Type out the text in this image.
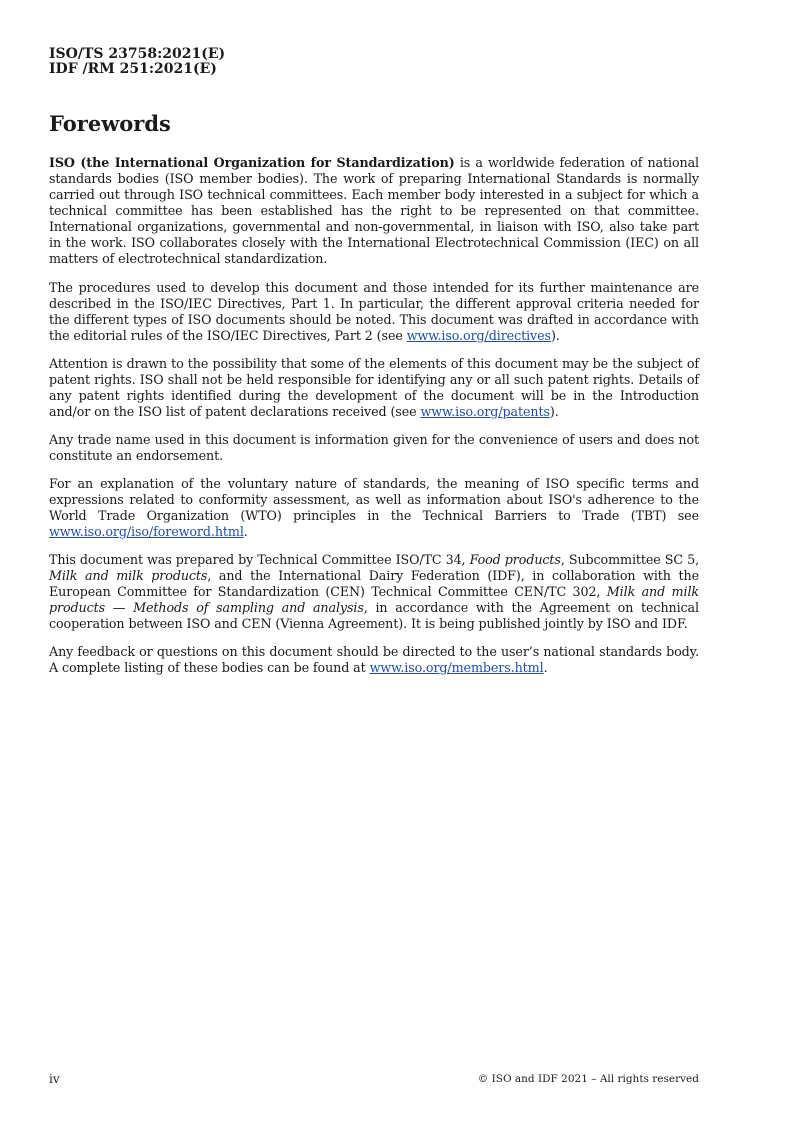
ISO/TS 23758:2021(E)
IDF /RM 251:2021(E)
Forewords

ISO (the International Organization for Standardization) is a worldwide federation of national standards bodies (ISO member bodies). The work of preparing International Standards is normally carried out through ISO technical committees. Each member body interested in a subject for which a technical committee has been established has the right to be represented on that committee. International organizations, governmental and non-governmental, in liaison with ISO, also take part in the work. ISO collaborates closely with the International Electrotechnical Commission (IEC) on all matters of electrotechnical standardization.

The procedures used to develop this document and those intended for its further maintenance are described in the ISO/IEC Directives, Part 1. In particular, the different approval criteria needed for the different types of ISO documents should be noted. This document was drafted in accordance with the editorial rules of the ISO/IEC Directives, Part 2 (see www.iso.org/directives).

Attention is drawn to the possibility that some of the elements of this document may be the subject of patent rights. ISO shall not be held responsible for identifying any or all such patent rights. Details of any patent rights identified during the development of the document will be in the Introduction and/or on the ISO list of patent declarations received (see www.iso.org/patents).

Any trade name used in this document is information given for the convenience of users and does not constitute an endorsement.

For an explanation of the voluntary nature of standards, the meaning of ISO specific terms and expressions related to conformity assessment, as well as information about ISO's adherence to the World Trade Organization (WTO) principles in the Technical Barriers to Trade (TBT) see www.iso.org/iso/foreword.html.

This document was prepared by Technical Committee ISO/TC 34, Food products, Subcommittee SC 5, Milk and milk products, and the International Dairy Federation (IDF), in collaboration with the European Committee for Standardization (CEN) Technical Committee CEN/TC 302, Milk and milk products — Methods of sampling and analysis, in accordance with the Agreement on technical cooperation between ISO and CEN (Vienna Agreement). It is being published jointly by ISO and IDF.

Any feedback or questions on this document should be directed to the user’s national standards body. A complete listing of these bodies can be found at www.iso.org/members.html.

iv	© ISO and IDF 2021 – All rights reserved
